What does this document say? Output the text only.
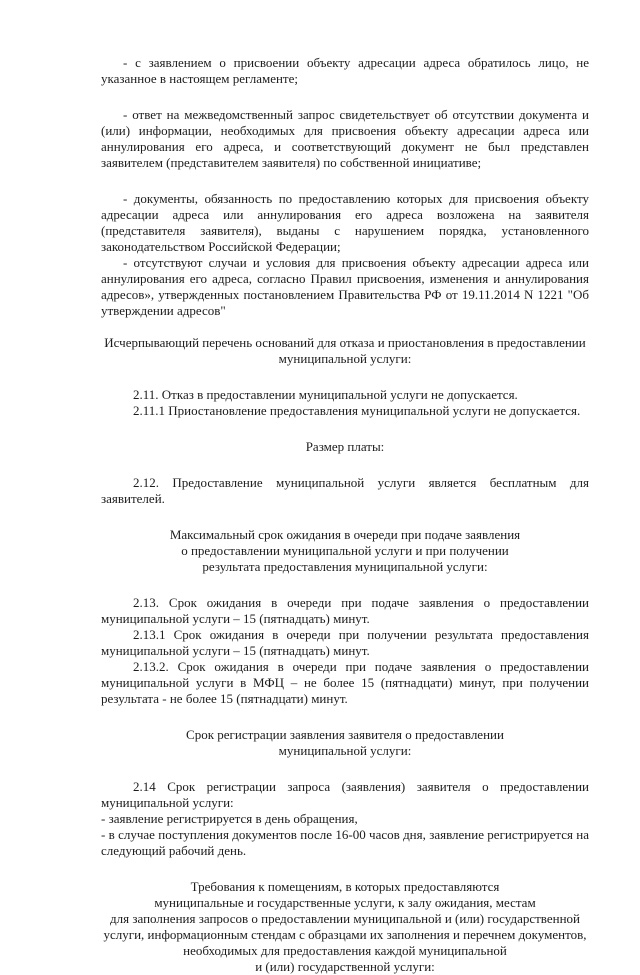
- с заявлением о присвоении объекту адресации адреса обратилось лицо, не указанное в настоящем регламенте;

- ответ на межведомственный запрос свидетельствует об отсутствии документа и (или) информации, необходимых для присвоения объекту адресации адреса или аннулирования его адреса, и соответствующий документ не был представлен заявителем (представителем заявителя) по собственной инициативе;

- документы, обязанность по предоставлению которых для присвоения объекту адресации адреса или аннулирования его адреса возложена на заявителя (представителя заявителя), выданы с нарушением порядка, установленного законодательством Российской Федерации;

- отсутствуют случаи и условия для присвоения объекту адресации адреса или аннулирования его адреса, согласно Правил присвоения, изменения и аннулирования адресов», утвержденных постановлением Правительства РФ от 19.11.2014 N 1221 "Об утверждении адресов"

Исчерпывающий перечень оснований для отказа и приостановления в предоставлении

муниципальной услуги:

2.11. Отказ в предоставлении муниципальной услуги не допускается.

2.11.1 Приостановление предоставления муниципальной услуги не допускается.

Размер платы:

2.12. Предоставление муниципальной услуги является бесплатным для заявителей.

Максимальный срок ожидания в очереди при подаче заявления

о предоставлении муниципальной услуги и при получении

результата предоставления муниципальной услуги:

2.13. Срок ожидания в очереди при подаче заявления о предоставлении муниципальной услуги – 15 (пятнадцать) минут.

2.13.1 Срок ожидания в очереди при получении результата предоставления муниципальной услуги – 15 (пятнадцать) минут.

2.13.2. Срок ожидания в очереди при подаче заявления о предоставлении муниципальной услуги в МФЦ – не более 15 (пятнадцати) минут, при получении результата - не более 15 (пятнадцати) минут.

Срок регистрации заявления заявителя о предоставлении

муниципальной услуги:

2.14 Срок регистрации запроса (заявления) заявителя о предоставлении муниципальной услуги:

- заявление регистрируется в день обращения,

- в случае поступления документов после 16-00 часов дня, заявление регистрируется на следующий рабочий день.

Требования к помещениям, в которых предоставляются

муниципальные и государственные услуги, к залу ожидания, местам

для заполнения запросов о предоставлении муниципальной и (или) государственной

услуги, информационным стендам с образцами их заполнения и перечнем документов,

необходимых для предоставления каждой муниципальной

и (или) государственной услуги:
